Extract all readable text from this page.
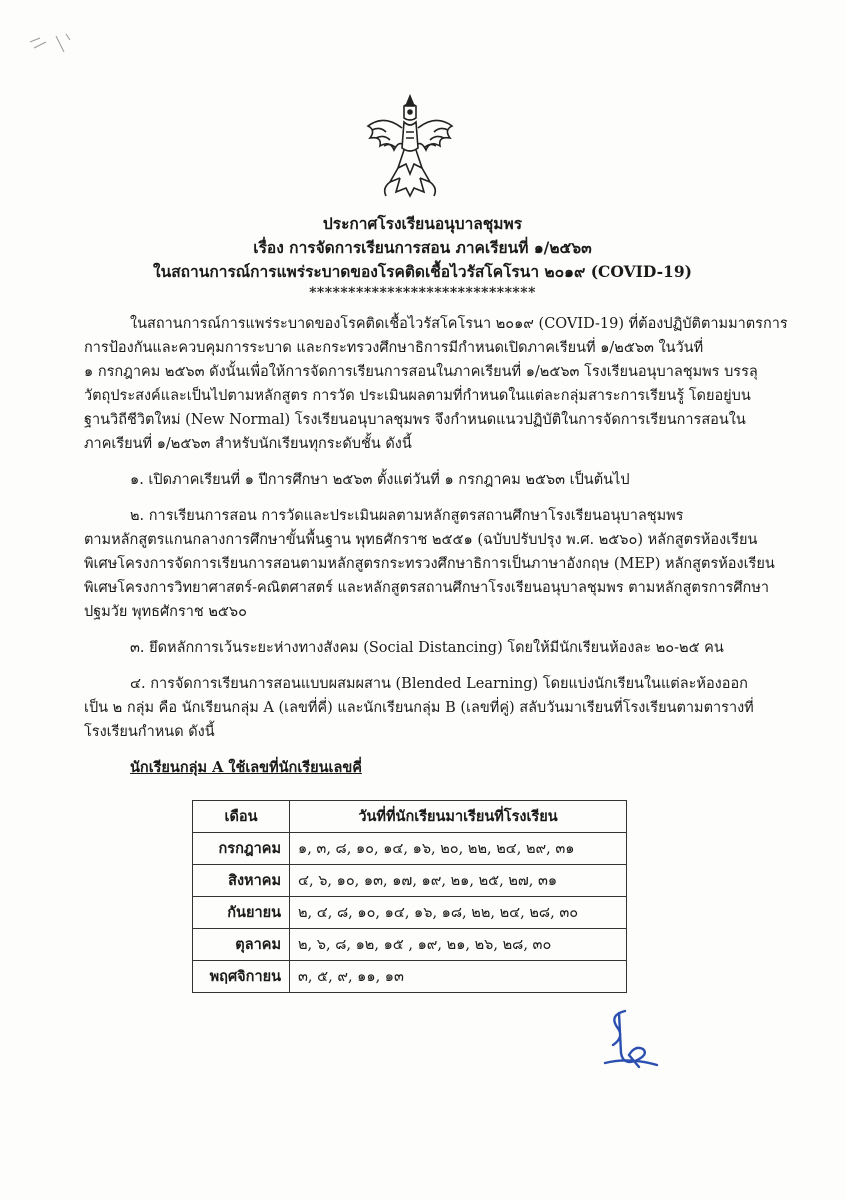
ประกาศโรงเรียนอนุบาลชุมพร
เรื่อง การจัดการเรียนการสอน ภาคเรียนที่ ๑/๒๕๖๓
ในสถานการณ์การแพร่ระบาดของโรคติดเชื้อไวรัสโคโรนา ๒๐๑๙ (COVID-19)
*****************************

ในสถานการณ์การแพร่ระบาดของโรคติดเชื้อไวรัสโคโรนา ๒๐๑๙ (COVID-19) ที่ต้องปฏิบัติตามมาตรการ

การป้องกันและควบคุมการระบาด และกระทรวงศึกษาธิการมีกำหนดเปิดภาคเรียนที่ ๑/๒๕๖๓ ในวันที่

๑ กรกฎาคม ๒๕๖๓ ดังนั้นเพื่อให้การจัดการเรียนการสอนในภาคเรียนที่ ๑/๒๕๖๓ โรงเรียนอนุบาลชุมพร บรรลุ

วัตถุประสงค์และเป็นไปตามหลักสูตร การวัด ประเมินผลตามที่กำหนดในแต่ละกลุ่มสาระการเรียนรู้ โดยอยู่บน

ฐานวิถีชีวิตใหม่ (New Normal) โรงเรียนอนุบาลชุมพร จึงกำหนดแนวปฏิบัติในการจัดการเรียนการสอนใน

ภาคเรียนที่ ๑/๒๕๖๓ สำหรับนักเรียนทุกระดับชั้น ดังนี้

๑. เปิดภาคเรียนที่ ๑ ปีการศึกษา ๒๕๖๓ ตั้งแต่วันที่ ๑ กรกฎาคม ๒๕๖๓ เป็นต้นไป

๒. การเรียนการสอน การวัดและประเมินผลตามหลักสูตรสถานศึกษาโรงเรียนอนุบาลชุมพร

ตามหลักสูตรแกนกลางการศึกษาขั้นพื้นฐาน พุทธศักราช ๒๕๕๑ (ฉบับปรับปรุง พ.ศ. ๒๕๖๐) หลักสูตรห้องเรียน

พิเศษโครงการจัดการเรียนการสอนตามหลักสูตรกระทรวงศึกษาธิการเป็นภาษาอังกฤษ (MEP) หลักสูตรห้องเรียน

พิเศษโครงการวิทยาศาสตร์-คณิตศาสตร์ และหลักสูตรสถานศึกษาโรงเรียนอนุบาลชุมพร ตามหลักสูตรการศึกษา

ปฐมวัย พุทธศักราช ๒๕๖๐

๓. ยึดหลักการเว้นระยะห่างทางสังคม (Social Distancing) โดยให้มีนักเรียนห้องละ ๒๐-๒๕ คน

๔. การจัดการเรียนการสอนแบบผสมผสาน (Blended Learning) โดยแบ่งนักเรียนในแต่ละห้องออก

เป็น ๒ กลุ่ม คือ นักเรียนกลุ่ม A (เลขที่คี่) และนักเรียนกลุ่ม B (เลขที่คู่) สลับวันมาเรียนที่โรงเรียนตามตารางที่

โรงเรียนกำหนด ดังนี้

นักเรียนกลุ่ม A ใช้เลขที่นักเรียนเลขคี่
เดือน	วันที่ที่นักเรียนมาเรียนที่โรงเรียน
กรกฎาคม	๑, ๓, ๘, ๑๐, ๑๔, ๑๖, ๒๐, ๒๒, ๒๔, ๒๙, ๓๑
สิงหาคม	๔, ๖, ๑๐, ๑๓, ๑๗, ๑๙, ๒๑, ๒๕, ๒๗, ๓๑
กันยายน	๒, ๔, ๘, ๑๐, ๑๔, ๑๖, ๑๘, ๒๒, ๒๔, ๒๘, ๓๐
ตุลาคม	๒, ๖, ๘, ๑๒, ๑๕ , ๑๙, ๒๑, ๒๖, ๒๘, ๓๐
พฤศจิกายน	๓, ๕, ๙, ๑๑, ๑๓
